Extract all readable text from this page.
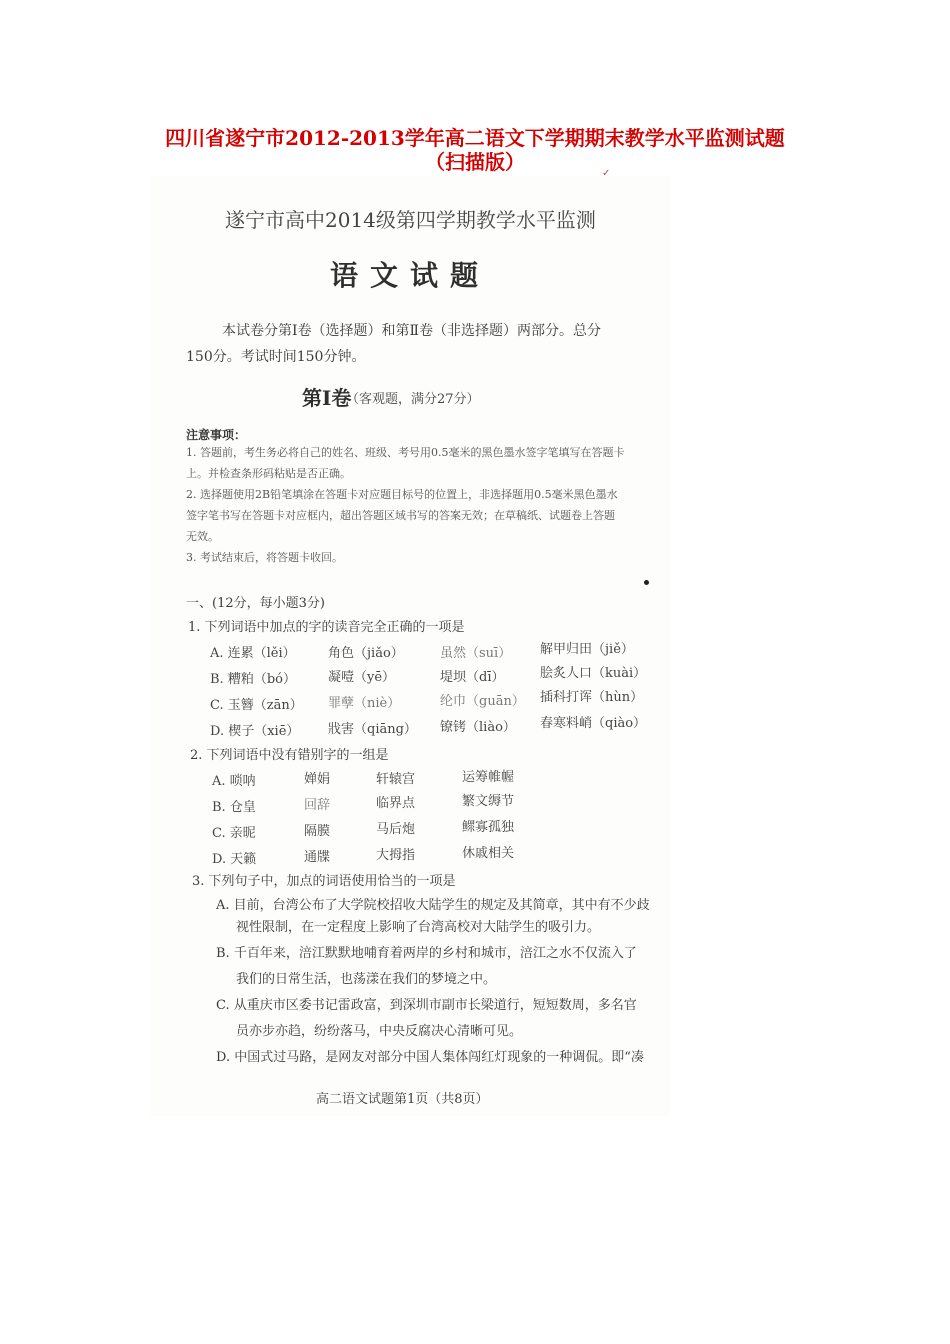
四川省遂宁市2012-2013学年高二语文下学期期末教学水平监测试题
（扫描版）	✓
遂宁市高中2014级第四学期教学水平监测
语文试题
本试卷分第Ⅰ卷（选择题）和第Ⅱ卷（非选择题）两部分。总分
150分。考试时间150分钟。
第Ⅰ卷
（客观题，满分27分）
注意事项：
1. 答题前，考生务必将自己的姓名、班级、考号用0.5毫米的黑色墨水签字笔填写在答题卡
上。并检查条形码粘贴是否正确。
2. 选择题使用2B铅笔填涂在答题卡对应题目标号的位置上，非选择题用0.5毫米黑色墨水
签字笔书写在答题卡对应框内，超出答题区域书写的答案无效；在草稿纸、试题卷上答题
无效。
3. 考试结束后，将答题卡收回。
一、(12分，每小题3分)
1. 下列词语中加点的字的读音完全正确的一项是
A. 连累（lěi） 角色（jiǎo）	虽然（suī） 解甲归田（jiě）
B. 糟粕（bó） 凝噎（yē）	堤坝（dī）	脍炙人口（kuài）
C. 玉簪（zān） 罪孽（niè）	纶巾（guān） 插科打诨（hùn）
D. 楔子（xiē） 戕害（qiāng） 镣铐（liào） 春寒料峭（qiào）
2. 下列词语中没有错别字的一组是
A. 唢呐	婵娟	轩辕宫	运筹帷幄
B. 仓皇	回辞	临界点	繁文缛节
C. 亲昵	隔膜	马后炮	鳏寡孤独
D. 天籁	通牒	大拇指	休戚相关
3. 下列句子中，加点的词语使用恰当的一项是
A. 目前，台湾公布了大学院校招收大陆学生的规定及其简章，其中有不少歧
视性限制，在一定程度上影响了台湾高校对大陆学生的吸引力。
B. 千百年来，涪江默默地哺育着两岸的乡村和城市，涪江之水不仅流入了
我们的日常生活，也荡漾在我们的梦境之中。
C. 从重庆市区委书记雷政富，到深圳市副市长梁道行，短短数周，多名官
员亦步亦趋，纷纷落马，中央反腐决心清晰可见。
D. 中国式过马路，是网友对部分中国人集体闯红灯现象的一种调侃。即“凑
高二语文试题第1页（共8页）
